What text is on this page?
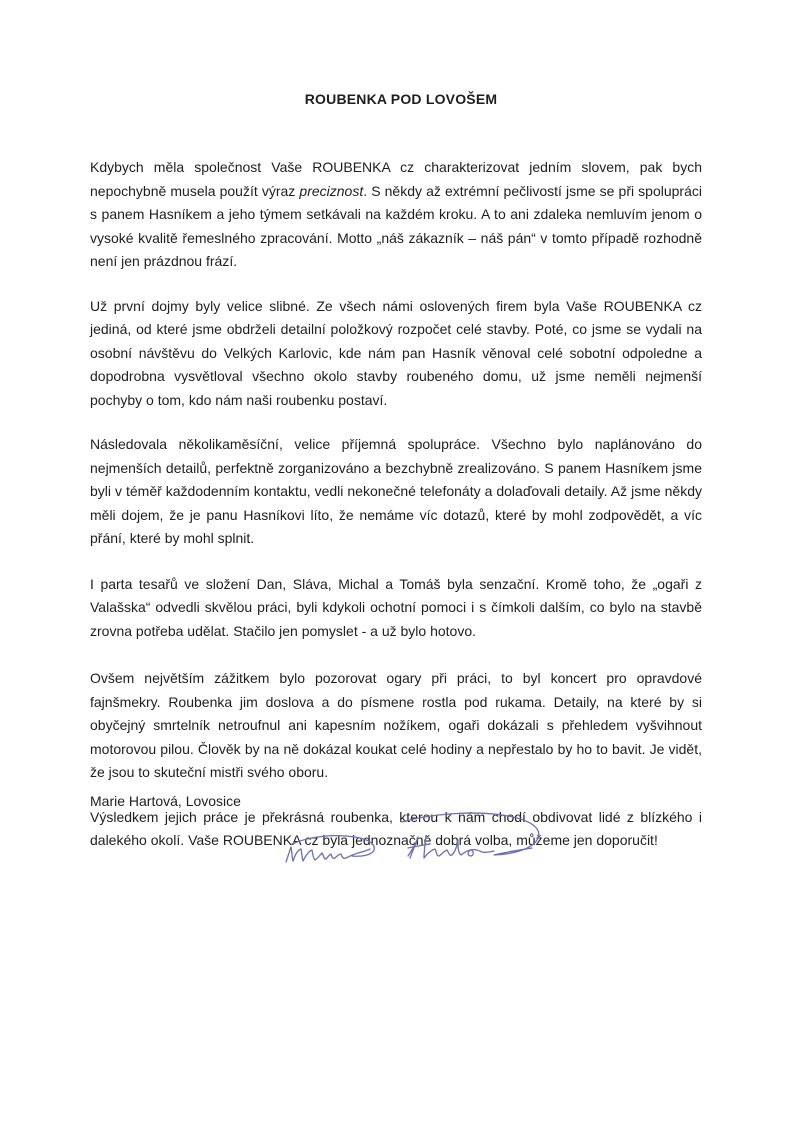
ROUBENKA POD LOVOŠEM

Kdybych měla společnost Vaše ROUBENKA cz charakterizovat jedním slovem, pak bych nepochybně musela použít výraz preciznost. S někdy až extrémní pečlivostí jsme se při spolupráci s panem Hasníkem a jeho týmem setkávali na každém kroku. A to ani zdaleka nemluvím jenom o vysoké kvalitě řemeslného zpracování. Motto „náš zákazník – náš pán“ v tomto případě rozhodně není jen prázdnou frází.

Už první dojmy byly velice slibné. Ze všech námi oslovených firem byla Vaše ROUBENKA cz jediná, od které jsme obdrželi detailní položkový rozpočet celé stavby. Poté, co jsme se vydali na osobní návštěvu do Velkých Karlovic, kde nám pan Hasník věnoval celé sobotní odpoledne a dopodrobna vysvětloval všechno okolo stavby roubeného domu, už jsme neměli nejmenší pochyby o tom, kdo nám naši roubenku postaví.

Následovala několikaměsíční, velice příjemná spolupráce. Všechno bylo naplánováno do nejmenších detailů, perfektně zorganizováno a bezchybně zrealizováno. S panem Hasníkem jsme byli v téměř každodenním kontaktu, vedli nekonečné telefonáty a dolaďovali detaily. Až jsme někdy měli dojem, že je panu Hasníkovi líto, že nemáme víc dotazů, které by mohl zodpovědět, a víc přání, které by mohl splnit.

I parta tesařů ve složení Dan, Sláva, Michal a Tomáš byla senzační. Kromě toho, že „ogaři z Valašska“ odvedli skvělou práci, byli kdykoli ochotní pomoci i s čímkoli dalším, co bylo na stavbě zrovna potřeba udělat. Stačilo jen pomyslet - a už bylo hotovo.

Ovšem největším zážitkem bylo pozorovat ogary při práci, to byl koncert pro opravdové fajnšmekry. Roubenka jim doslova a do písmene rostla pod rukama. Detaily, na které by si obyčejný smrtelník netroufnul ani kapesním nožíkem, ogaři dokázali s přehledem vyšvihnout motorovou pilou. Člověk by na ně dokázal koukat celé hodiny a nepřestalo by ho to bavit. Je vidět, že jsou to skuteční mistři svého oboru.

Výsledkem jejich práce je překrásná roubenka, kterou k nám chodí obdivovat lidé z blízkého i dalekého okolí. Vaše ROUBENKA cz byla jednoznačně dobrá volba, můžeme jen doporučit!

Marie Hartová, Lovosice
